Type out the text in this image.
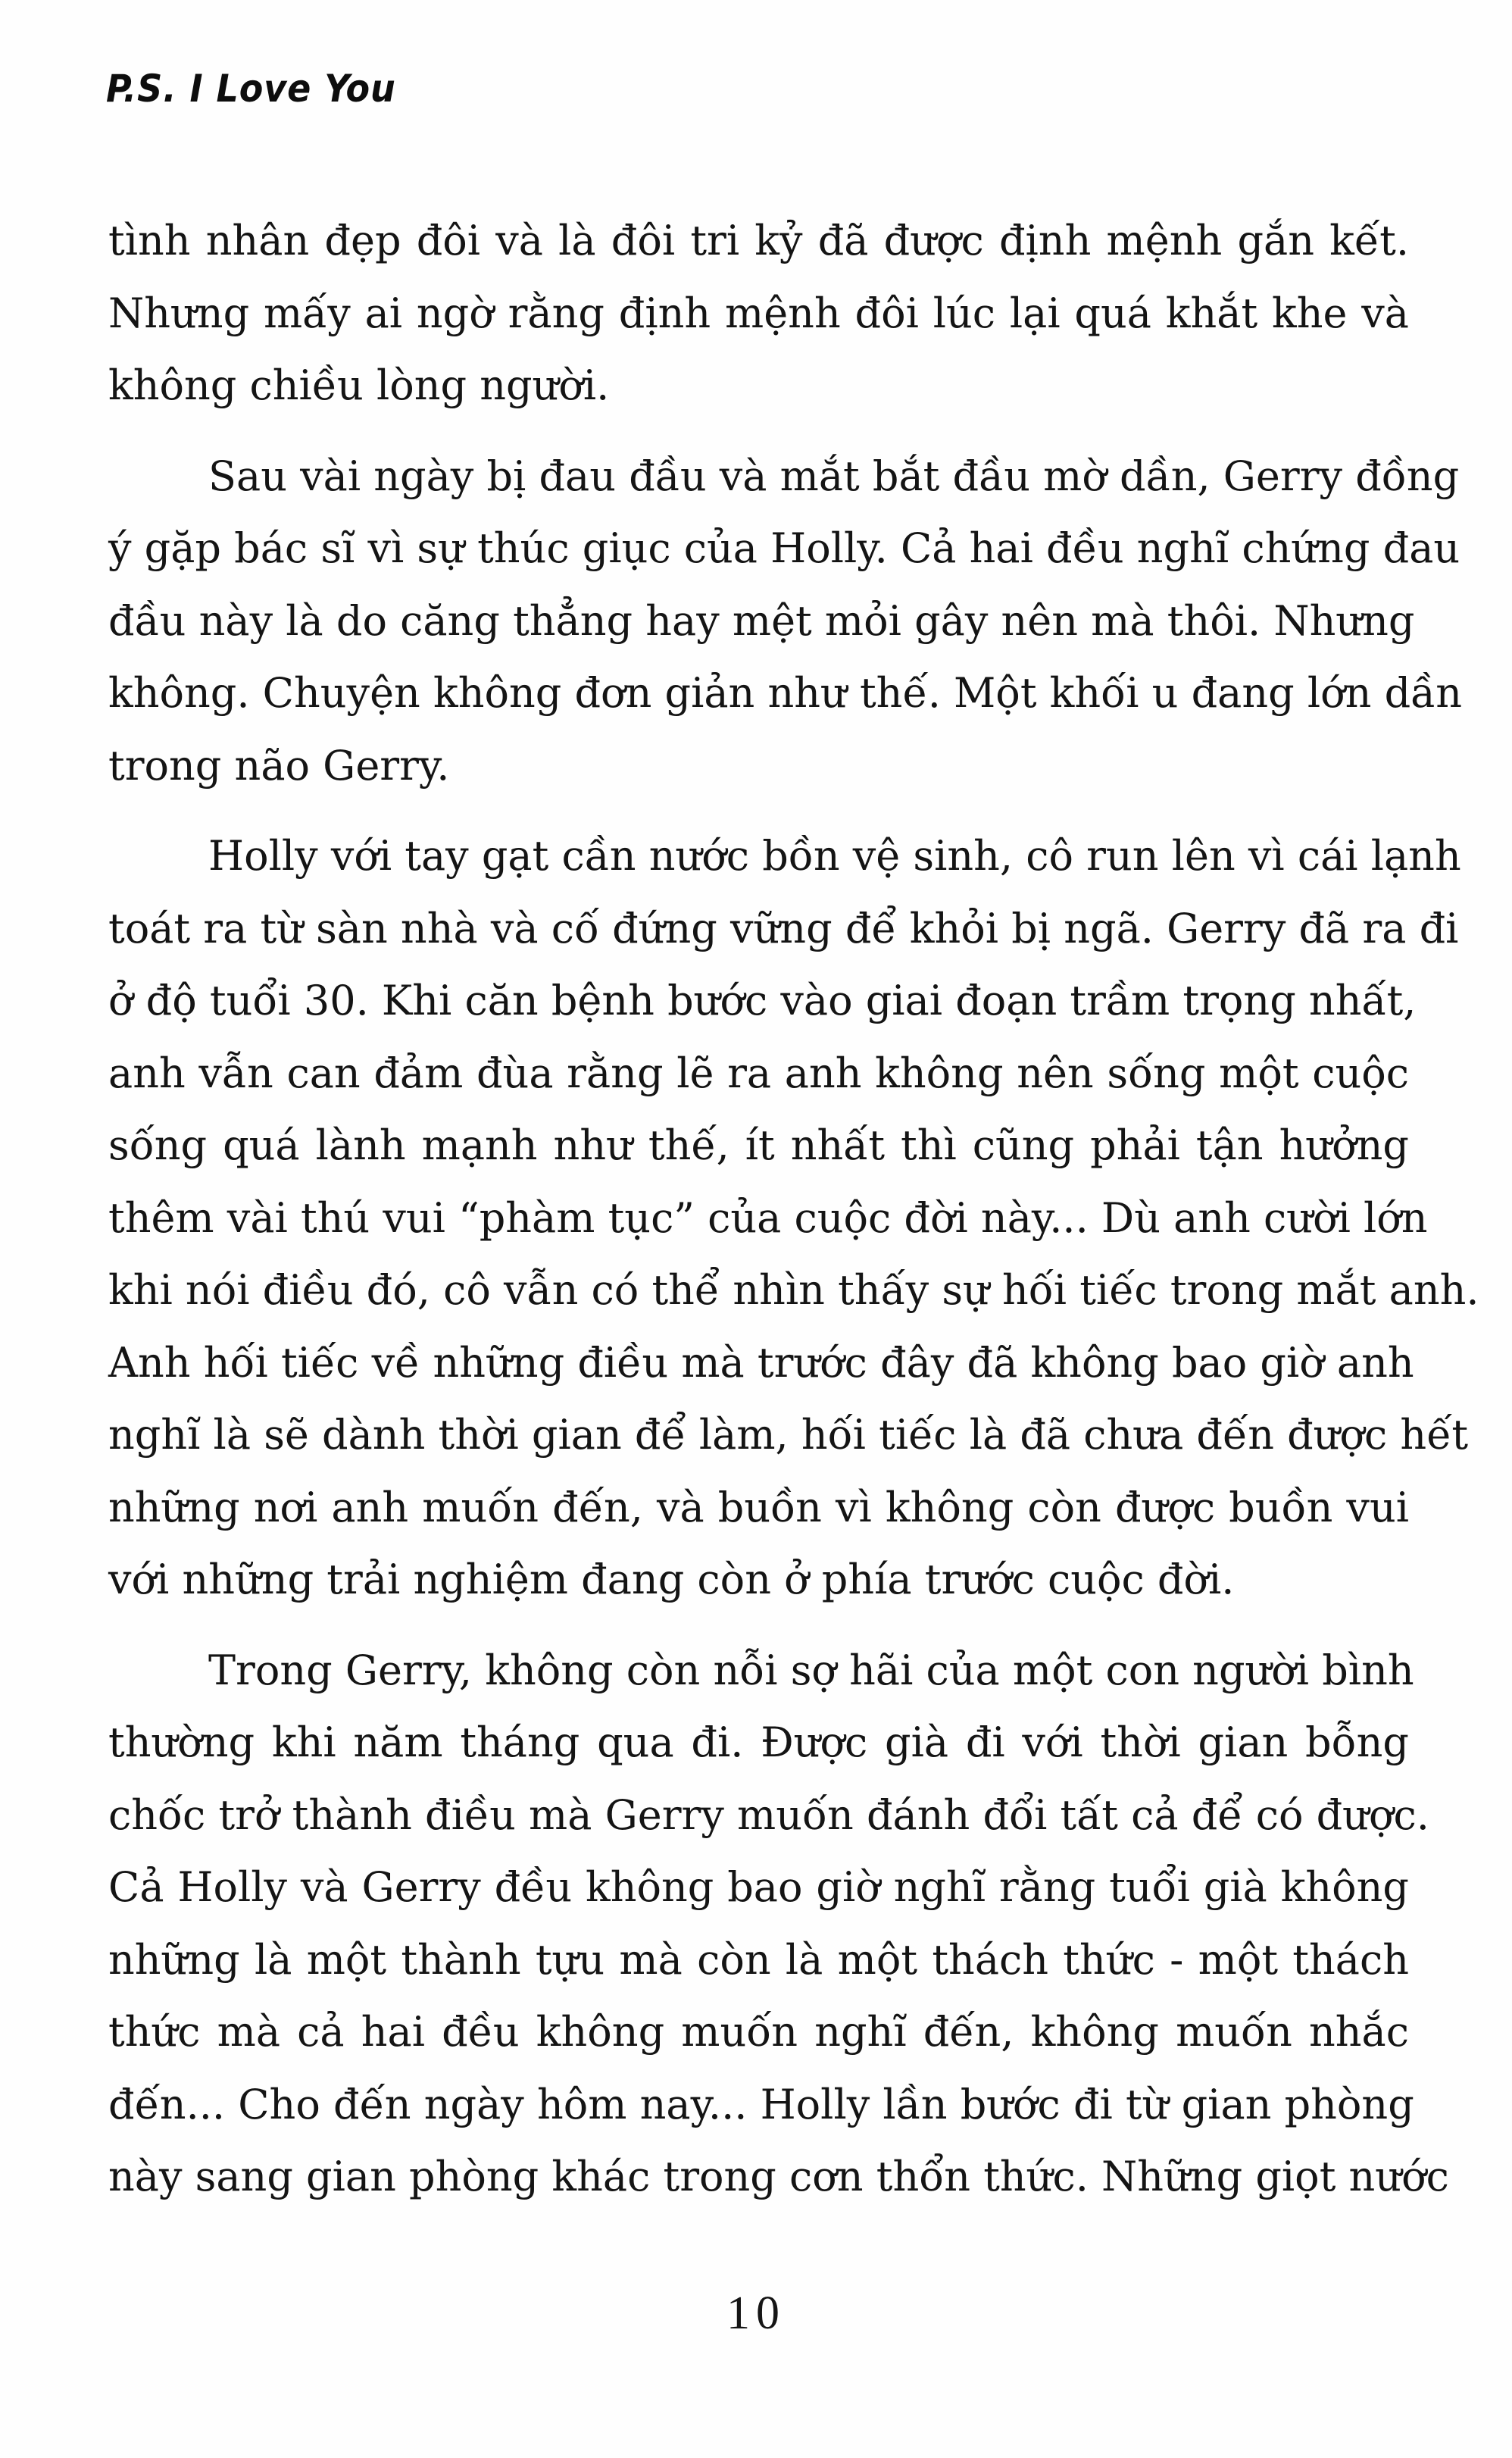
P.S. I Love You
tình nhân đẹp đôi và là đôi tri kỷ đã được định mệnh gắn kết.
Nhưng mấy ai ngờ rằng định mệnh đôi lúc lại quá khắt khe và
không chiều lòng người.
Sau vài ngày bị đau đầu và mắt bắt đầu mờ dần, Gerry đồng
ý gặp bác sĩ vì sự thúc giục của Holly. Cả hai đều nghĩ chứng đau
đầu này là do căng thẳng hay mệt mỏi gây nên mà thôi. Nhưng
không. Chuyện không đơn giản như thế. Một khối u đang lớn dần
trong não Gerry.
Holly với tay gạt cần nước bồn vệ sinh, cô run lên vì cái lạnh
toát ra từ sàn nhà và cố đứng vững để khỏi bị ngã. Gerry đã ra đi
ở độ tuổi 30. Khi căn bệnh bước vào giai đoạn trầm trọng nhất,
anh vẫn can đảm đùa rằng lẽ ra anh không nên sống một cuộc
sống quá lành mạnh như thế, ít nhất thì cũng phải tận hưởng
thêm vài thú vui “phàm tục” của cuộc đời này... Dù anh cười lớn
khi nói điều đó, cô vẫn có thể nhìn thấy sự hối tiếc trong mắt anh.
Anh hối tiếc về những điều mà trước đây đã không bao giờ anh
nghĩ là sẽ dành thời gian để làm, hối tiếc là đã chưa đến được hết
những nơi anh muốn đến, và buồn vì không còn được buồn vui
với những trải nghiệm đang còn ở phía trước cuộc đời.
Trong Gerry, không còn nỗi sợ hãi của một con người bình
thường khi năm tháng qua đi. Được già đi với thời gian bỗng
chốc trở thành điều mà Gerry muốn đánh đổi tất cả để có được.
Cả Holly và Gerry đều không bao giờ nghĩ rằng tuổi già không
những là một thành tựu mà còn là một thách thức - một thách
thức mà cả hai đều không muốn nghĩ đến, không muốn nhắc
đến... Cho đến ngày hôm nay... Holly lần bước đi từ gian phòng
này sang gian phòng khác trong cơn thổn thức. Những giọt nước
10
